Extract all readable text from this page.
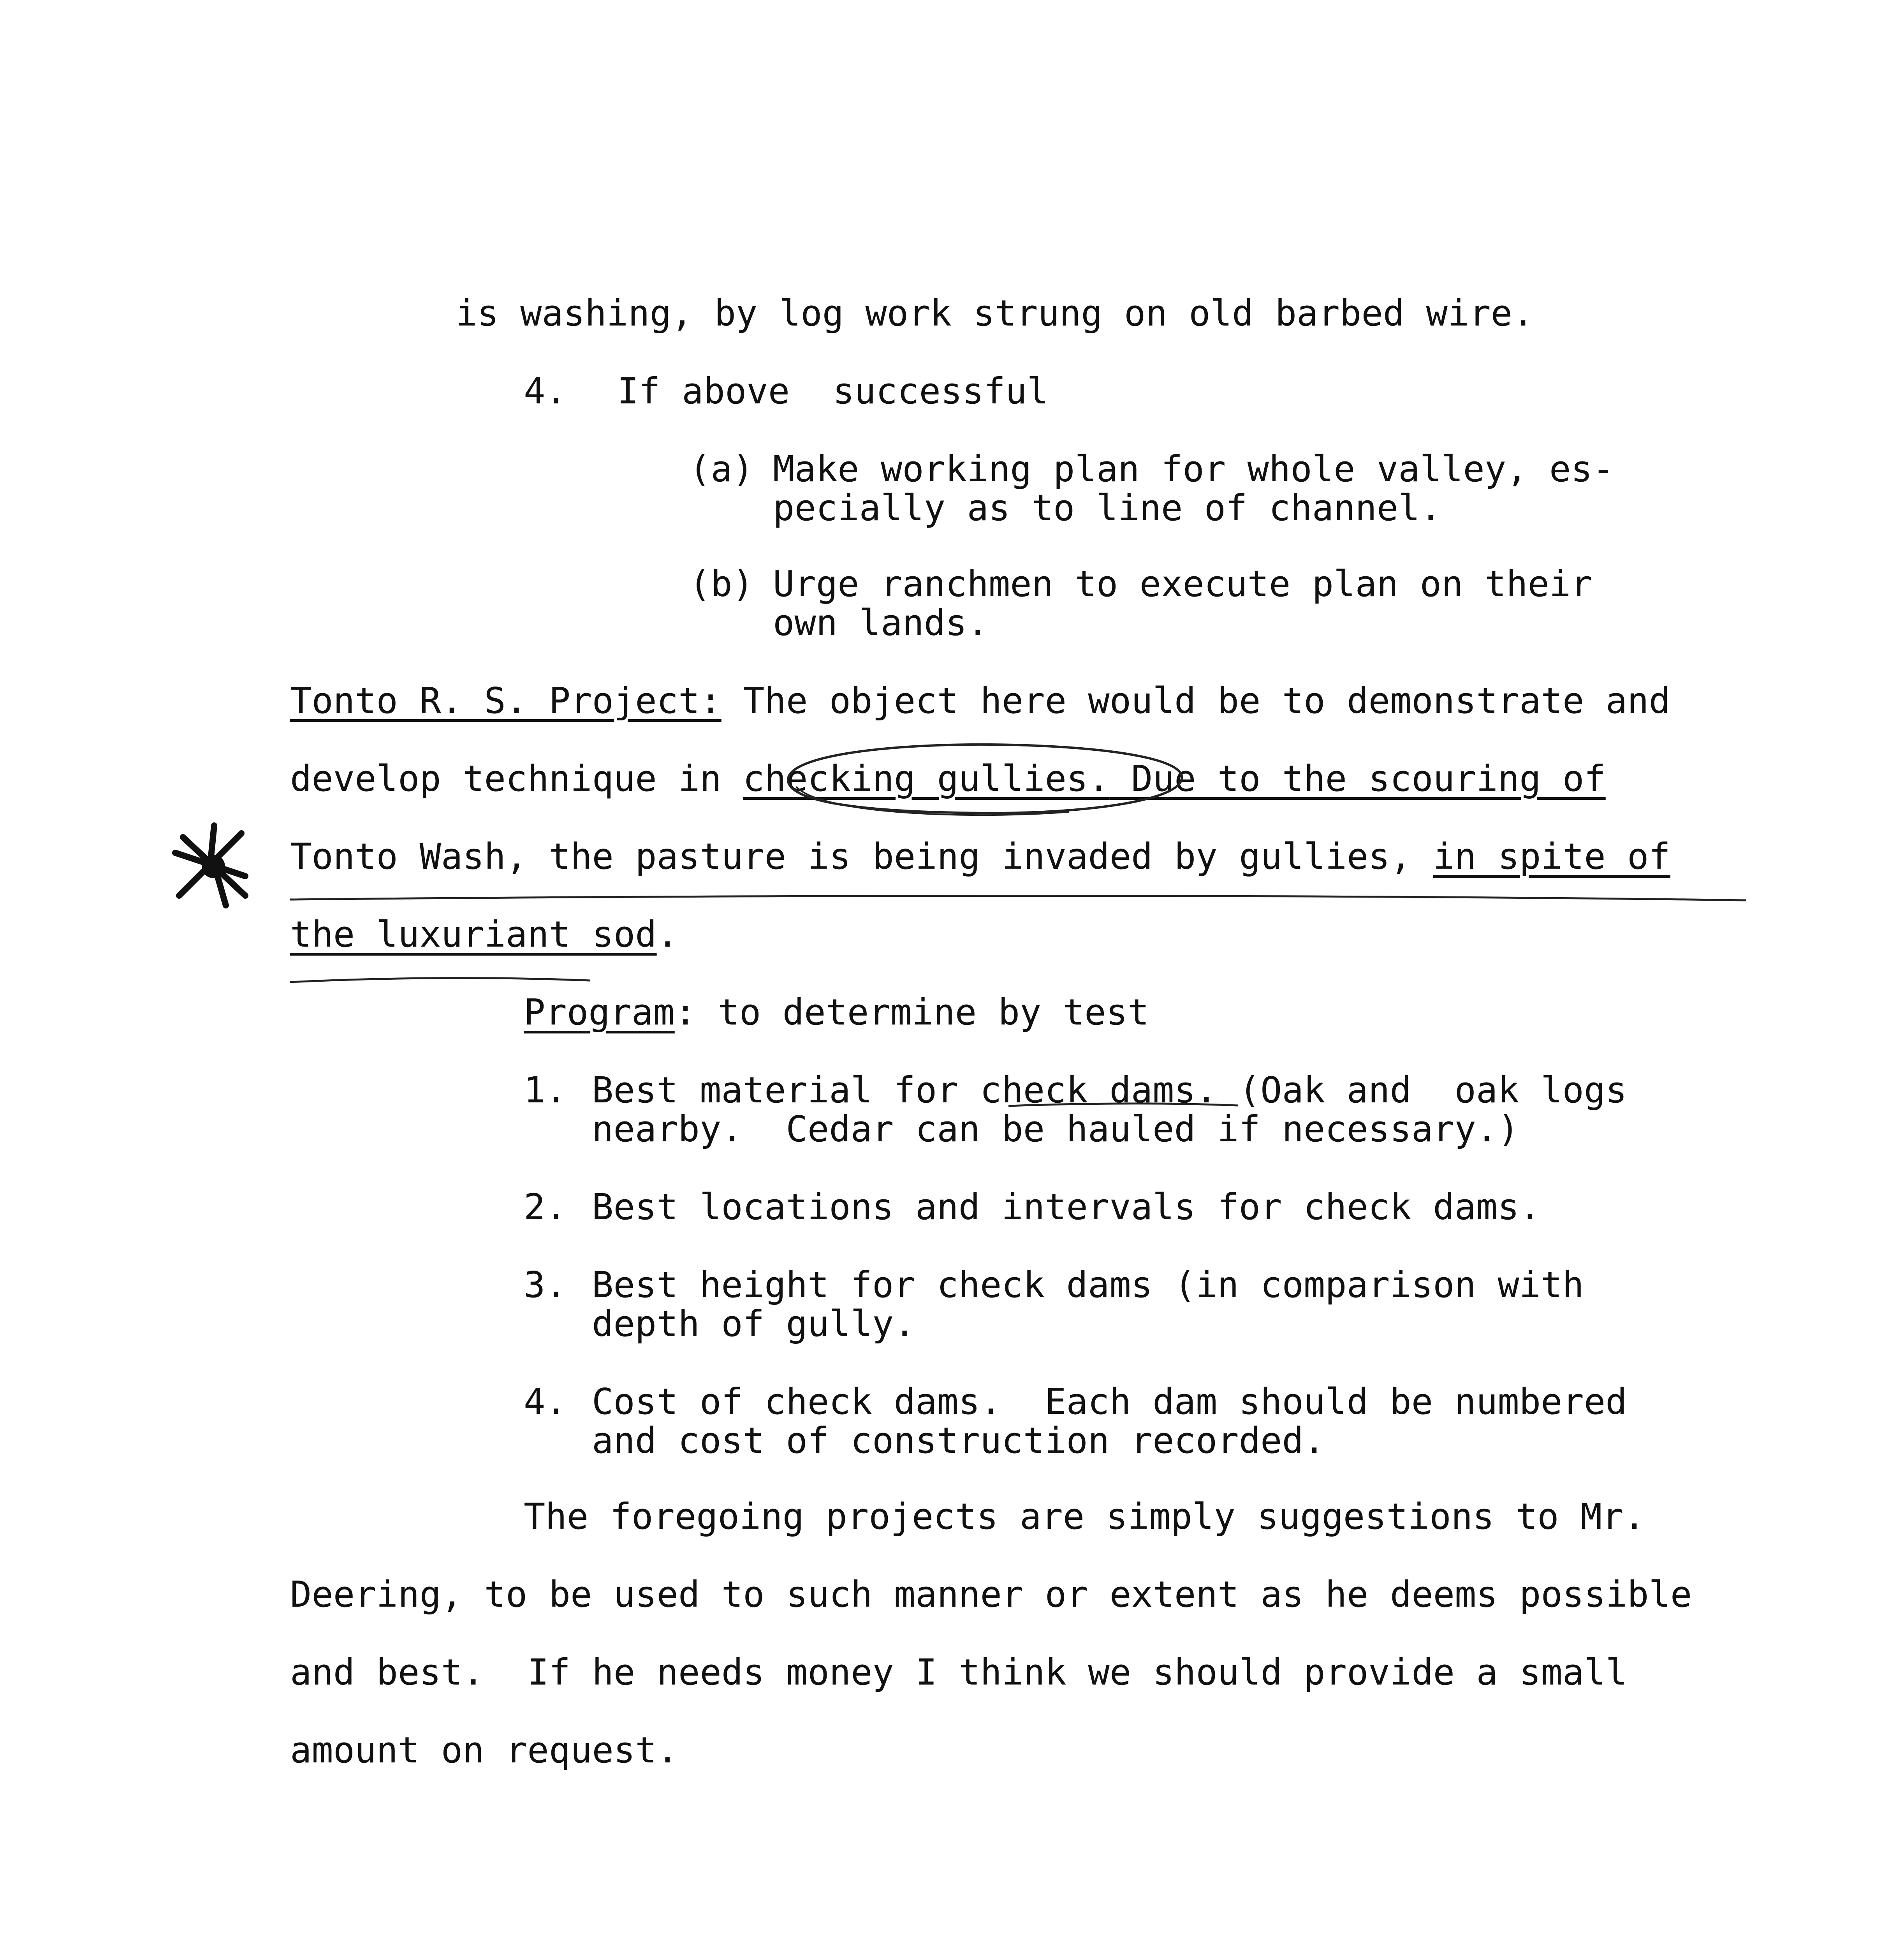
is washing, by log work strung on old barbed wire.

4. If above  successful

(a) Make working plan for whole valley, es-

pecially as to line of channel.

(b) Urge ranchmen to execute plan on their

own lands.

Tonto R. S. Project: The object here would be to demonstrate and

develop technique in checking gullies. Due to the scouring of

Tonto Wash, the pasture is being invaded by gullies, in spite of

the luxuriant sod.

Program: to determine by test

1. Best material for check dams. (Oak and  oak logs

nearby.  Cedar can be hauled if necessary.)

2. Best locations and intervals for check dams.

3. Best height for check dams (in comparison with

depth of gully.

4. Cost of check dams.  Each dam should be numbered

and cost of construction recorded.

The foregoing projects are simply suggestions to Mr.

Deering, to be used to such manner or extent as he deems possible

and best.  If he needs money I think we should provide a small

amount on request.
